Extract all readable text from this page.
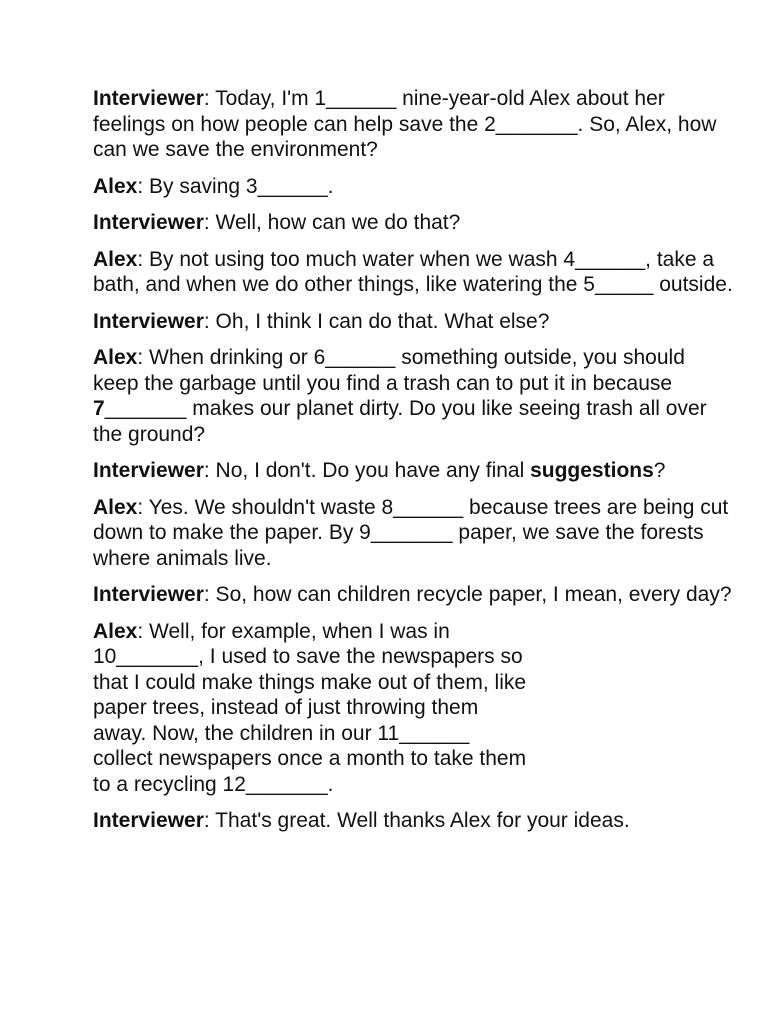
Interviewer: Today, I'm 1______ nine-year-old Alex about her feelings on how people can help save the 2_______. So, Alex, how can we save the environment?

Alex: By saving 3______.

Interviewer: Well, how can we do that?

Alex: By not using too much water when we wash 4______, take a bath, and when we do other things, like watering the 5_____ outside.

Interviewer: Oh, I think I can do that. What else?

Alex: When drinking or 6______ something outside, you should keep the garbage until you find a trash can to put it in because 7_______ makes our planet dirty. Do you like seeing trash all over the ground?

Interviewer: No, I don't. Do you have any final suggestions?

Alex: Yes. We shouldn't waste 8______ because trees are being cut down to make the paper. By 9_______ paper, we save the forests where animals live.

Interviewer: So, how can children recycle paper, I mean, every day?

Alex: Well, for example, when I was in 10_______, I used to save the newspapers so that I could make things make out of them, like paper trees, instead of just throwing them away. Now, the children in our 11______ collect newspapers once a month to take them to a recycling 12_______.

Interviewer: That's great. Well thanks Alex for your ideas.
